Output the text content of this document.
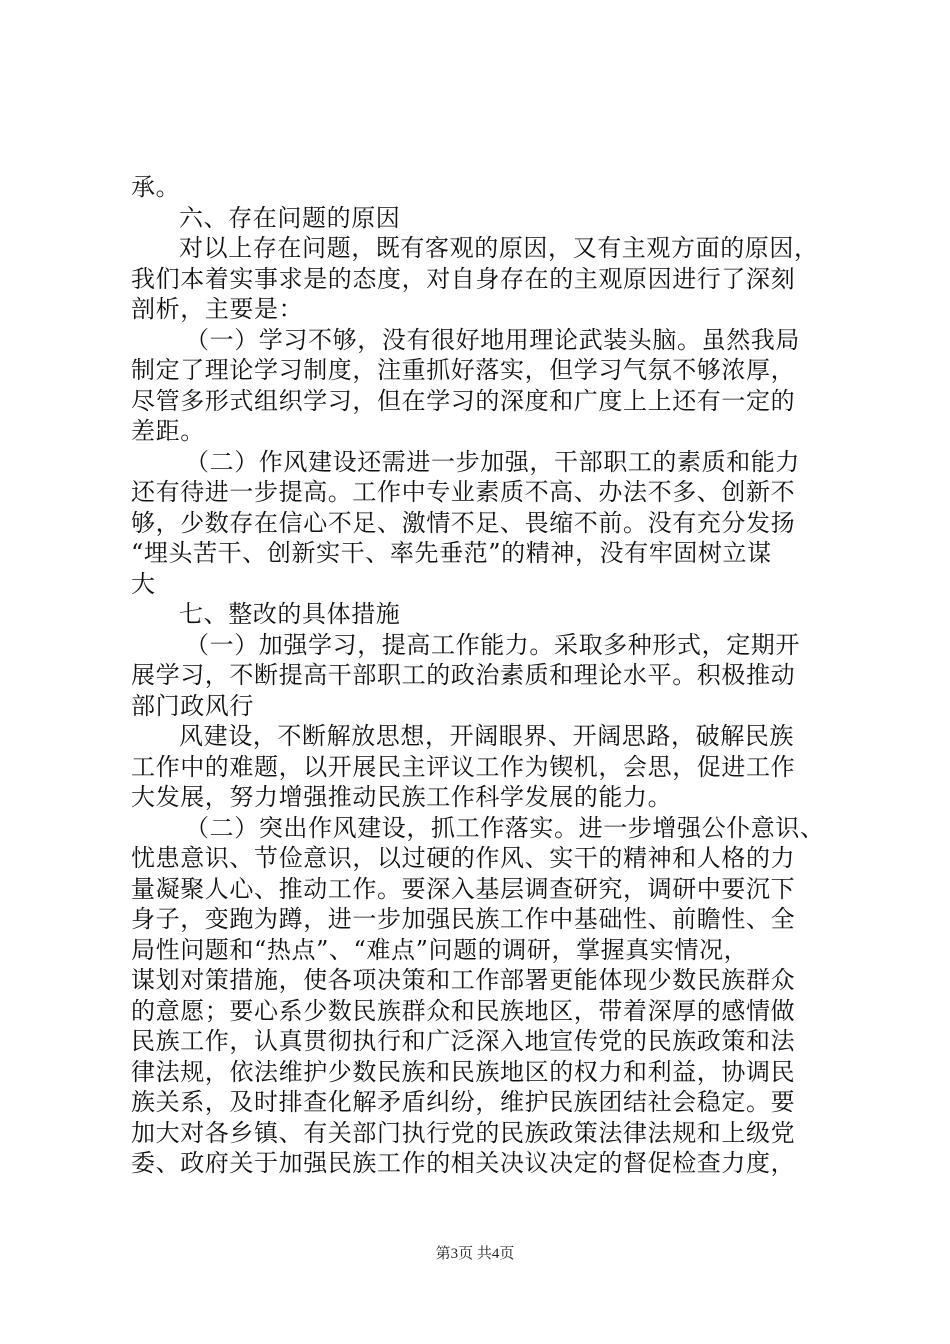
承。
六、存在问题的原因
对以上存在问题，既有客观的原因，又有主观方面的原因，
我们本着实事求是的态度，对自身存在的主观原因进行了深刻
剖析，主要是：
（一）学习不够，没有很好地用理论武装头脑。虽然我局
制定了理论学习制度，注重抓好落实，但学习气氛不够浓厚，
尽管多形式组织学习，但在学习的深度和广度上上还有一定的
差距。
（二）作风建设还需进一步加强，干部职工的素质和能力
还有待进一步提高。工作中专业素质不高、办法不多、创新不
够，少数存在信心不足、激情不足、畏缩不前。没有充分发扬
“埋头苦干、创新实干、率先垂范”的精神，没有牢固树立谋
大
七、整改的具体措施
（一）加强学习，提高工作能力。采取多种形式，定期开
展学习，不断提高干部职工的政治素质和理论水平。积极推动
部门政风行
风建设，不断解放思想，开阔眼界、开阔思路，破解民族
工作中的难题，以开展民主评议工作为锲机，会思，促进工作
大发展，努力增强推动民族工作科学发展的能力。
（二）突出作风建设，抓工作落实。进一步增强公仆意识、
忧患意识、节俭意识，以过硬的作风、实干的精神和人格的力
量凝聚人心、推动工作。要深入基层调查研究，调研中要沉下
身子，变跑为蹲，进一步加强民族工作中基础性、前瞻性、全
局性问题和“热点”、“难点”问题的调研，掌握真实情况，
谋划对策措施，使各项决策和工作部署更能体现少数民族群众
的意愿；要心系少数民族群众和民族地区，带着深厚的感情做
民族工作，认真贯彻执行和广泛深入地宣传党的民族政策和法
律法规，依法维护少数民族和民族地区的权力和利益，协调民
族关系，及时排查化解矛盾纠纷，维护民族团结社会稳定。要
加大对各乡镇、有关部门执行党的民族政策法律法规和上级党
委、政府关于加强民族工作的相关决议决定的督促检查力度，
第3页 共4页
